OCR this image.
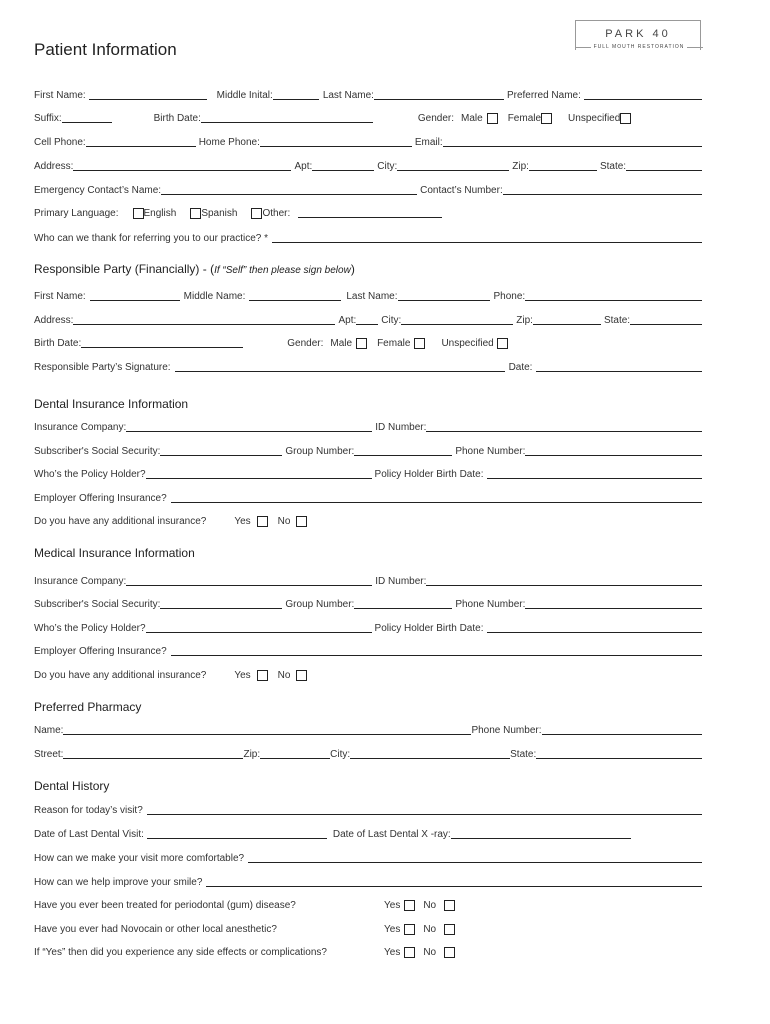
Patient Information
PARK 40
FULL MOUTH RESTORATION
First Name:	Middle Inital:	Last Name:	Preferred Name:
Suffix:	Birth Date:	Gender: Male	Female	Unspecified
Cell Phone:	Home Phone:	Email:
Address:	Apt:	City:	Zip:	State:
Emergency Contact’s Name:	Contact’s Number:
Primary Language:	English	Spanish	Other:
Who can we thank for referring you to our practice? *
Responsible Party (Financially) - (If “Self” then please sign below)
First Name:	Middle Name:	Last Name:	Phone:
Address:	Apt:	City:	Zip:	State:
Birth Date:	Gender: Male	Female	Unspecified
Responsible Party’s Signature:	Date:
Dental Insurance Information
Insurance Company:	ID Number:
Subscriber's Social Security:	Group Number:	Phone Number:
Who’s the Policy Holder?	Policy Holder Birth Date:
Employer Offering Insurance?
Do you have any additional insurance?	Yes	No
Medical Insurance Information
Insurance Company:	ID Number:
Subscriber's Social Security:	Group Number:	Phone Number:
Who’s the Policy Holder?	Policy Holder Birth Date:
Employer Offering Insurance?
Do you have any additional insurance?	Yes	No
Preferred Pharmacy
Name:	Phone Number:
Street:	Zip:	City:	State:
Dental History
Reason for today’s visit?
Date of Last Dental Visit:	Date of Last Dental X -ray:
How can we make your visit more comfortable?
How can we help improve your smile?
Have you ever been treated for periodontal (gum) disease?	Yes No
Have you ever had Novocain or other local anesthetic?	Yes No
If “Yes” then did you experience any side effects or complications?	Yes No
